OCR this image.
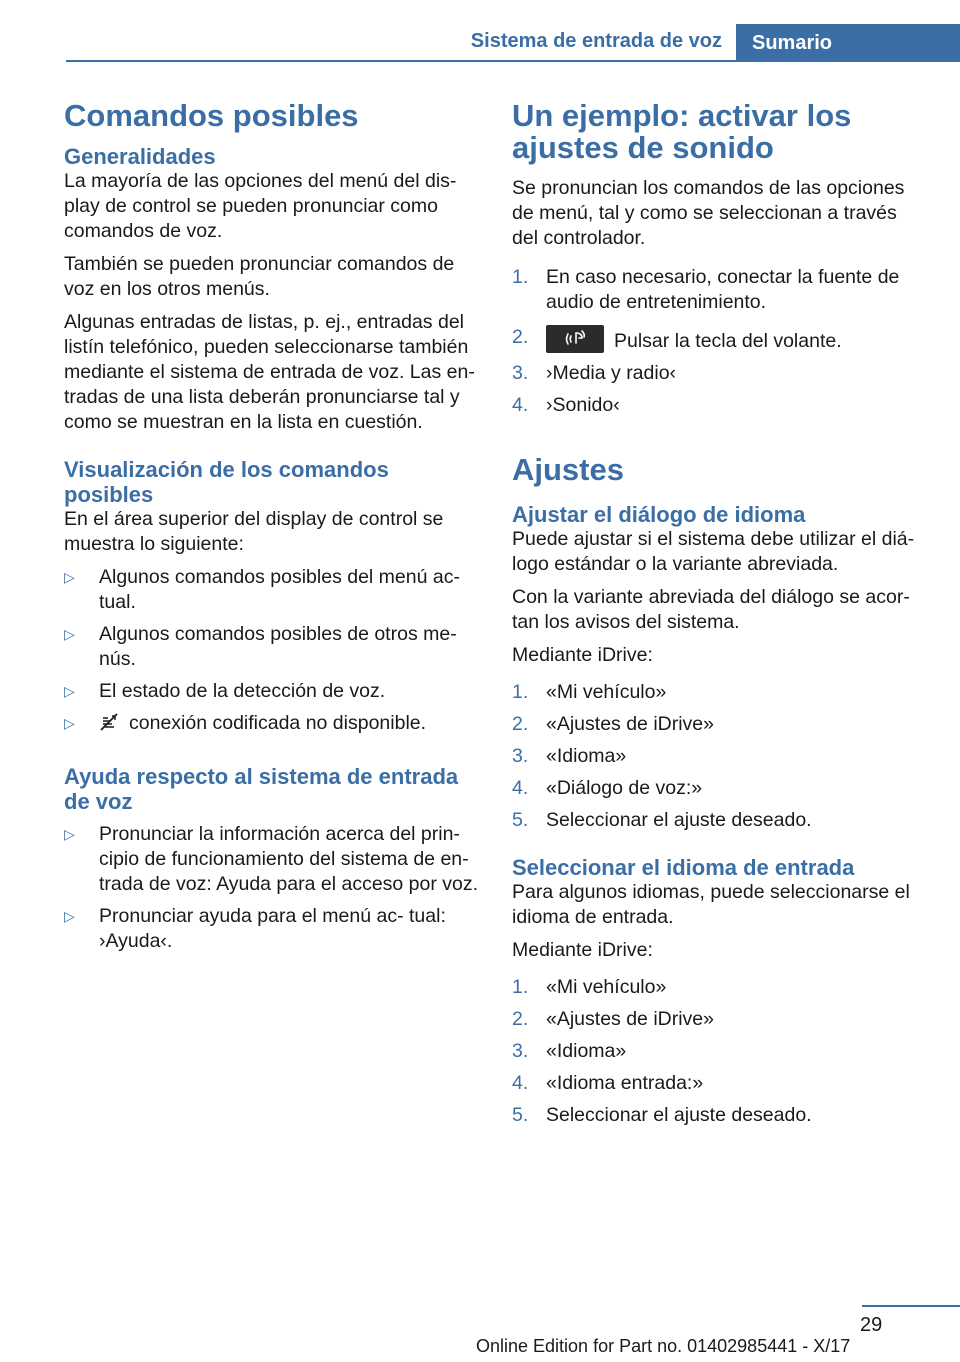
Sistema de entrada de voz	Sumario
Comandos posibles
Generalidades

La mayoría de las opciones del menú del dis‐ play de control se pueden pronunciar como comandos de voz.

También se pueden pronunciar comandos de voz en los otros menús.

Algunas entradas de listas, p. ej., entradas del listín telefónico, pueden seleccionarse también mediante el sistema de entrada de voz. Las en‐ tradas de una lista deberán pronunciarse tal y como se muestran en la lista en cuestión.

Visualización de los comandos posibles

En el área superior del display de control se muestra lo siguiente:

▷ Algunos comandos posibles del menú ac‐ tual.
▷ Algunos comandos posibles de otros me‐ nús.
▷ El estado de la detección de voz.
▷	conexión codificada no disponible.
Ayuda respecto al sistema de entrada de voz
▷ Pronunciar la información acerca del prin‐ cipio de funcionamiento del sistema de en‐ trada de voz: Ayuda para el acceso por voz.
▷ Pronunciar ayuda para el menú ac‐ tual: ›Ayuda‹.
Un ejemplo: activar los ajustes de sonido

Se pronuncian los comandos de las opciones de menú, tal y como se seleccionan a través del controlador.

1. En caso necesario, conectar la fuente de audio de entretenimiento.
2.	Pulsar la tecla del volante.
3. ›Media y radio‹
4. ›Sonido‹
Ajustes
Ajustar el diálogo de idioma

Puede ajustar si el sistema debe utilizar el diá‐ logo estándar o la variante abreviada.

Con la variante abreviada del diálogo se acor‐ tan los avisos del sistema.

Mediante iDrive:

1. «Mi vehículo»
2. «Ajustes de iDrive»
3. «Idioma»
4. «Diálogo de voz:»
5. Seleccionar el ajuste deseado.
Seleccionar el idioma de entrada

Para algunos idiomas, puede seleccionarse el idioma de entrada.

Mediante iDrive:

1. «Mi vehículo»
2. «Ajustes de iDrive»
3. «Idioma»
4. «Idioma entrada:»
5. Seleccionar el ajuste deseado.
29
Online Edition for Part no. 01402985441 - X/17
